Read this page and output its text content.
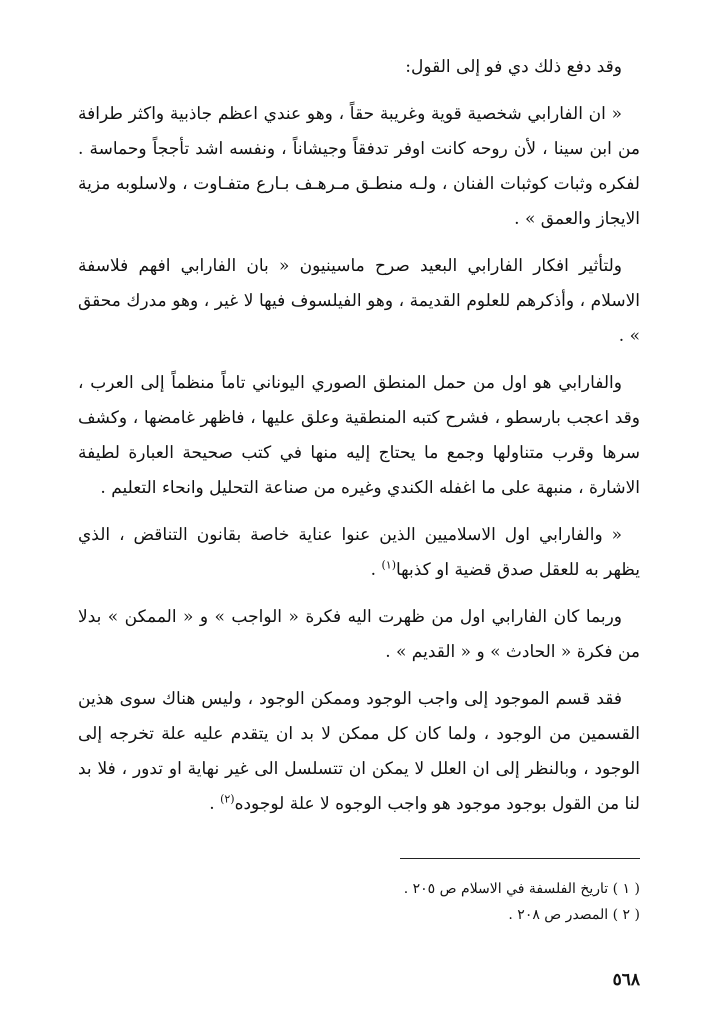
وقد دفع ذلك دي فو إلى القول:

« ان الفارابي شخصية قوية وغريبة حقاً ، وهو عندي اعظم جاذبية واكثر طرافة من ابن سينا ، لأن روحه كانت اوفر تدفقاً وجيشاناً ، ونفسه اشد تأججاً وحماسة . لفكره وثبات كوثبات الفنان ، ولـه منطـق مـرهـف بـارع متفـاوت ، ولاسلوبه مزية الايجاز والعمق » .

ولتأثير افكار الفارابي البعيد صرح ماسينيون « بان الفارابي افهم فلاسفة الاسلام ، وأذكرهم للعلوم القديمة ، وهو الفيلسوف فيها لا غير ، وهو مدرك محقق » .

والفارابي هو اول من حمل المنطق الصوري اليوناني تاماً منظماً إلى العرب ، وقد اعجب بارسطو ، فشرح كتبه المنطقية وعلق عليها ، فاظهر غامضها ، وكشف سرها وقرب متناولها وجمع ما يحتاج إليه منها في كتب صحيحة العبارة لطيفة الاشارة ، منبهة على ما اغفله الكندي وغيره من صناعة التحليل وانحاء التعليم .

« والفارابي اول الاسلاميين الذين عنوا عناية خاصة بقانون التناقض ، الذي يظهر به للعقل صدق قضية او كذبها$^{(١)}$ .

وربما كان الفارابي اول من ظهرت اليه فكرة « الواجب » و « الممكن » بدلا من فكرة « الحادث » و « القديم » .

فقد قسم الموجود إلى واجب الوجود وممكن الوجود ، وليس هناك سوى هذين القسمين من الوجود ، ولما كان كل ممكن لا بد ان يتقدم عليه علة تخرجه إلى الوجود ، وبالنظر إلى ان العلل لا يمكن ان تتسلسل الى غير نهاية او تدور ، فلا بد لنا من القول بوجود موجود هو واجب الوجوه لا علة لوجوده$^{(٢)}$ .

( ١ ) تاريخ الفلسفة في الاسلام ص ٢٠٥ .
( ٢ ) المصدر ص ٢٠٨ .
٥٦٨
